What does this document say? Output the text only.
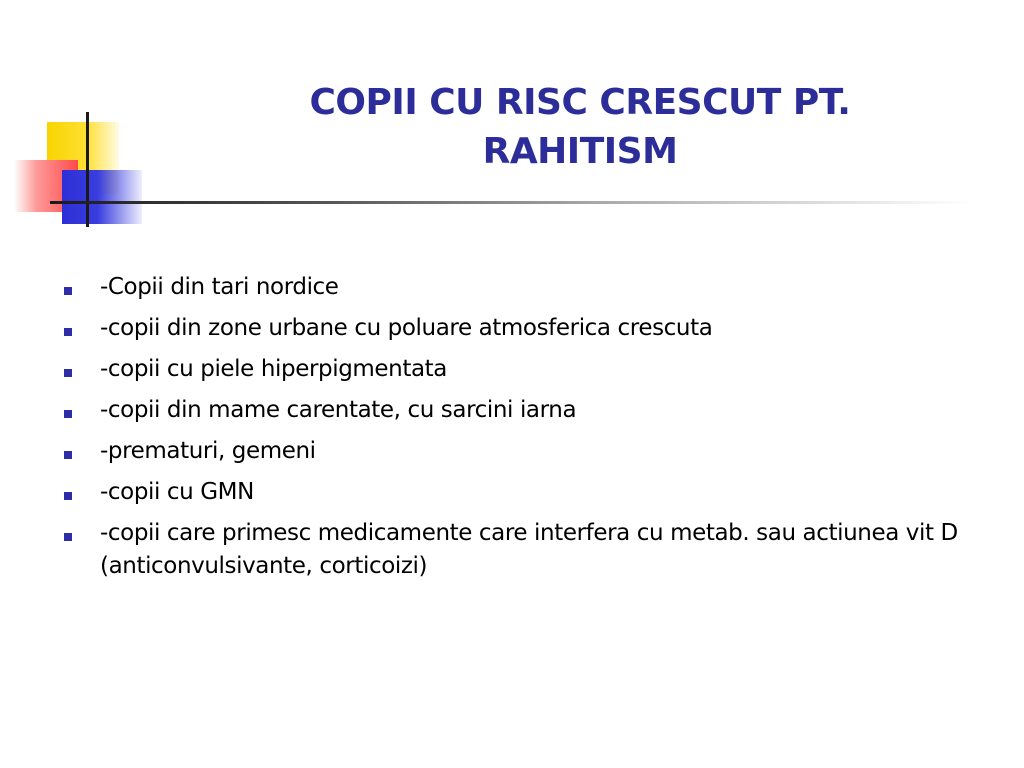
COPII CU RISC CRESCUT PT.
RAHITISM
-Copii din tari nordice
-copii din zone urbane cu poluare atmosferica crescuta
-copii cu piele hiperpigmentata
-copii din mame carentate, cu sarcini iarna
-prematuri, gemeni
-copii cu GMN
-copii care primesc medicamente care interfera cu metab. sau actiunea vit D (anticonvulsivante, corticoizi)
